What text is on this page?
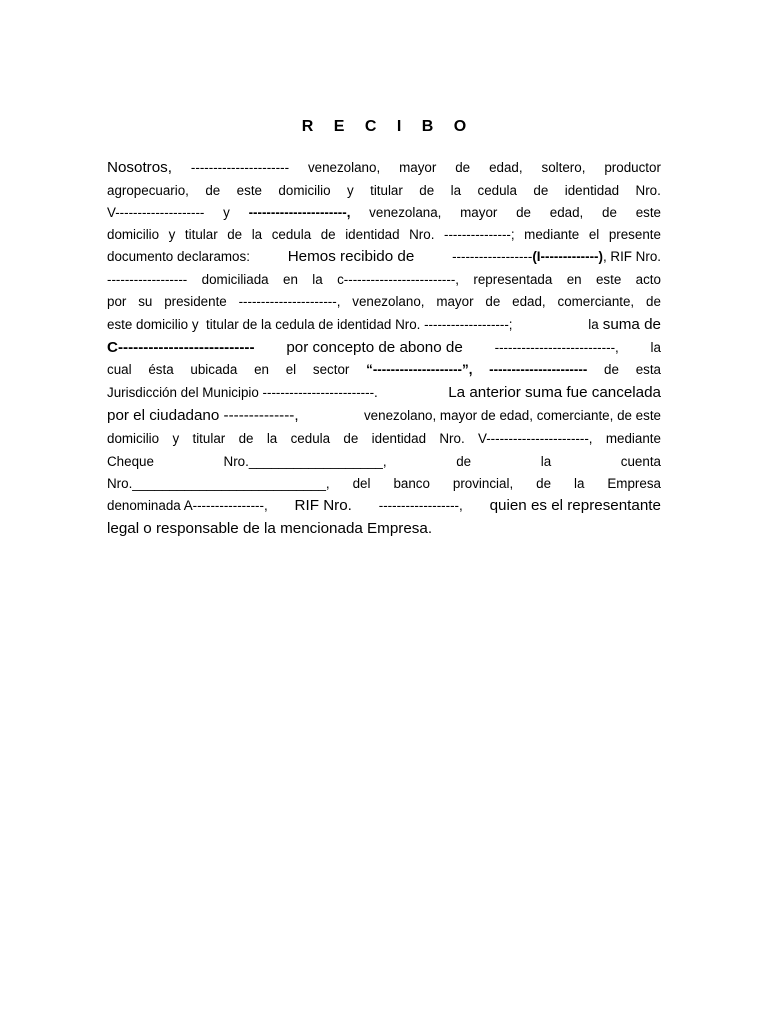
R E C I B O
Nosotros, ---------------------- venezolano, mayor de edad, soltero, productor
agropecuario, de este domicilio y titular de la cedula de identidad Nro.
V-------------------- y ----------------------, venezolana, mayor de edad, de este
domicilio y titular de la cedula de identidad Nro. ---------------; mediante el presente
documento declaramos: Hemos recibido de	------------------ (I-------------) , RIF Nro.
------------------ domiciliada en la c-------------------------, representada en este acto
por su presidente ----------------------, venezolano, mayor de edad, comerciante, de
este domicilio y  titular de la cedula de identidad Nro. -------------------;	la suma de
C--------------------------- por concepto de abono de ---------------------------, la
cual ésta ubicada en el sector “--------------------”, ---------------------- de esta
Jurisdicción del Municipio -------------------------.	La anterior suma fue cancelada
por el ciudadano --------------,	venezolano, mayor de edad, comerciante, de este
domicilio y titular de la cedula de identidad Nro. V-----------------------, mediante
Cheque	Nro.__________________,	de	la	cuenta
Nro.__________________________, del banco provincial, de la Empresa
denominada A----------------, RIF Nro. ------------------, quien es el representante
legal o responsable de la mencionada Empresa.
